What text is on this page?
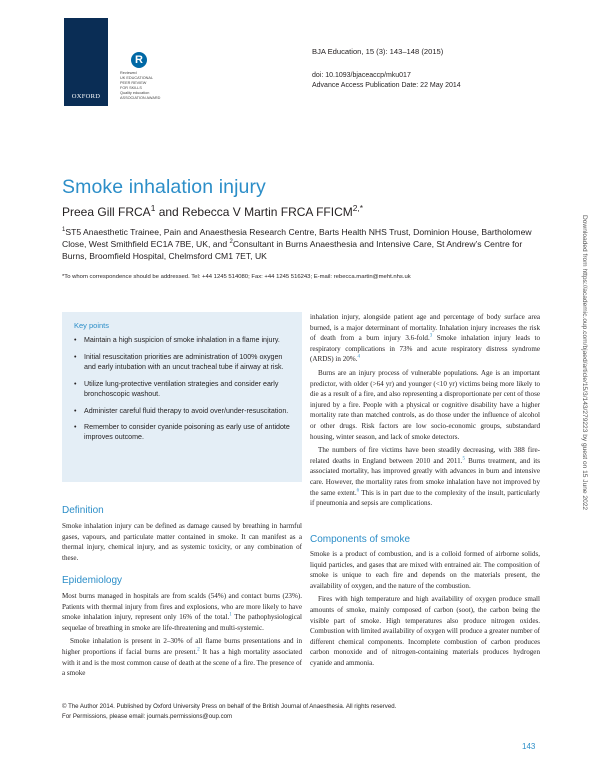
OXFORD
R
Reviewed
UK EDUCATIONAL
PEER REVIEW
FOR SKILLS
Quality education
ASSOCIATION AWARD
BJA Education, 15 (3): 143–148 (2015)
doi: 10.1093/bjaceaccp/mku017
Advance Access Publication Date: 22 May 2014
Smoke inhalation injury
Preea Gill FRCA$^1$ and Rebecca V Martin FRCA $FFICM^{2,*}$
$^1$ST5 Anaesthetic Trainee, Pain and Anaesthesia Research Centre, Barts Health NHS Trust, Dominion House, Bartholomew Close, West Smithfield EC1A 7BE, UK, and $^2$Consultant in Burns Anaesthesia and Intensive Care, St Andrew’s Centre for Burns, Broomfield Hospital, Chelmsford CM1 7ET, UK
*To whom correspondence should be addressed. Tel: +44 1245 514080; Fax: +44 1245 516243; E-mail: rebecca.martin@meht.nhs.uk
Key points
• Maintain a high suspicion of smoke inhalation in a flame injury.
• Initial resuscitation priorities are administration of 100% oxygen and early intubation with an uncut tracheal tube if airway at risk.
• Utilize lung-protective ventilation strategies and consider early bronchoscopic washout.
• Administer careful fluid therapy to avoid over/under-resuscitation.
• Remember to consider cyanide poisoning as early use of antidote improves outcome.
Definition

Smoke inhalation injury can be defined as damage caused by breathing in harmful gases, vapours, and particulate matter contained in smoke. It can manifest as a thermal injury, chemical injury, and as systemic toxicity, or any combination of these.

Epidemiology

Most burns managed in hospitals are from scalds (54%) and contact burns (23%). Patients with thermal injury from fires and explosions, who are more likely to have smoke inhalation injury, represent only 16% of the total.$^1$ The pathophysiological sequelae of breathing in smoke are life-threatening and multi-systemic.

Smoke inhalation is present in 2–30% of all flame burns presentations and in higher proportions if facial burns are present.$^2$ It has a high mortality associated with it and is the most common cause of death at the scene of a fire. The presence of a smoke

inhalation injury, alongside patient age and percentage of body surface area burned, is a major determinant of mortality. Inhalation injury increases the risk of death from a burn injury 3.6-fold.$^3$ Smoke inhalation injury leads to respiratory complications in 73% and acute respiratory distress syndrome (ARDS) in 20%.$^4$

Burns are an injury process of vulnerable populations. Age is an important predictor, with older (>64 yr) and younger (<10 yr) victims being more likely to die as a result of a fire, and also representing a disproportionate per cent of those injured by a fire. People with a physical or cognitive disability have a higher mortality rate than matched controls, as do those under the influence of alcohol or other drugs. Risk factors are low socio-economic groups, substandard housing, winter season, and lack of smoke detectors.

The numbers of fire victims have been steadily decreasing, with 388 fire-related deaths in England between 2010 and 2011.$^5$ Burns treatment, and its associated mortality, has improved greatly with advances in burn and intensive care. However, the mortality rates from smoke inhalation have not improved by the same extent.$^6$ This is in part due to the complexity of the insult, particularly if pneumonia and sepsis are complications.

Components of smoke

Smoke is a product of combustion, and is a colloid formed of airborne solids, liquid particles, and gases that are mixed with entrained air. The composition of smoke is unique to each fire and depends on the materials present, the availability of oxygen, and the nature of the combustion.

Fires with high temperature and high availability of oxygen produce small amounts of smoke, mainly composed of carbon (soot), the carbon being the visible part of smoke. High temperatures also produce nitrogen oxides. Combustion with limited availability of oxygen will produce a greater number of different chemical components. Incomplete combustion of carbon produces carbon monoxide and of nitrogen-containing materials produces hydrogen cyanide and ammonia.

© The Author 2014. Published by Oxford University Press on behalf of the British Journal of Anaesthesia. All rights reserved.
For Permissions, please email: journals.permissions@oup.com
143
Downloaded from https://academic.oup.com/bjaed/article/15/3/143/279223 by guest on 15 June 2022
